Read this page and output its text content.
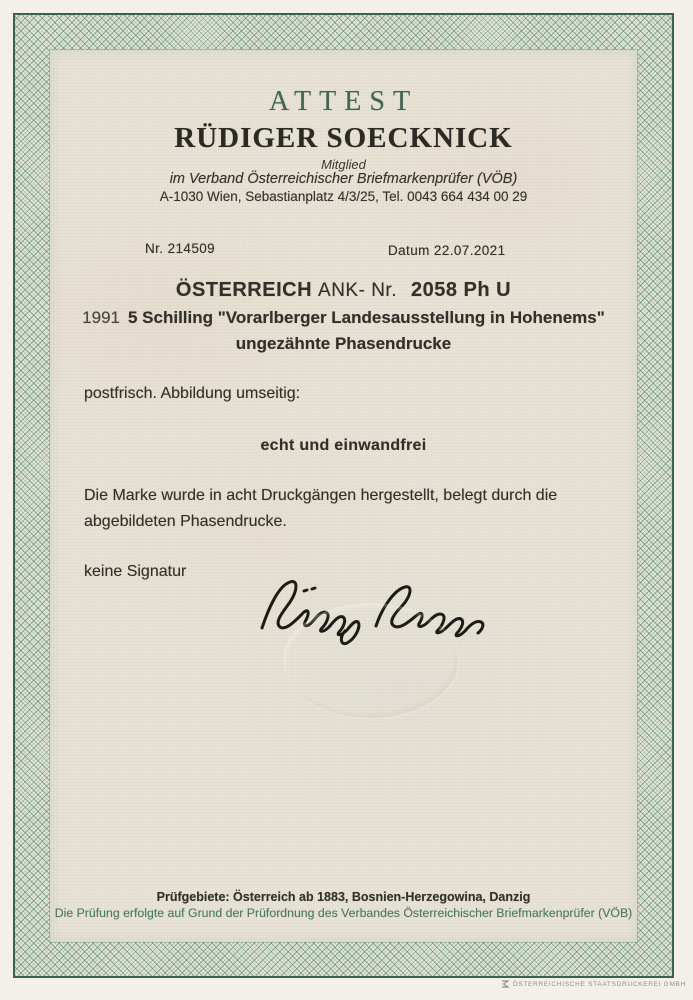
ATTEST
RÜDIGER SOECKNICK
Mitglied
im Verband Österreichischer Briefmarkenprüfer (VÖB)
A-1030 Wien, Sebastianplatz 4/3/25, Tel. 0043 664 434 00 29
Nr. 214509	Datum 22.07.2021
ÖSTERREICH ANK- Nr. 2058 Ph U
1991 5 Schilling "Vorarlberger Landesausstellung in Hohenems"
ungezähnte Phasendrucke
postfrisch. Abbildung umseitig:
echt und einwandfrei
Die Marke wurde in acht Druckgängen hergestellt, belegt durch die abgebildeten Phasendrucke.
keine Signatur
Prüfgebiete: Österreich ab 1883, Bosnien-Herzegowina, Danzig
Die Prüfung erfolgte auf Grund der Prüfordnung des Verbandes Österreichischer Briefmarkenprüfer (VÖB)
ÖSTERREICHISCHE STAATSDRUCKEREI GMBH
